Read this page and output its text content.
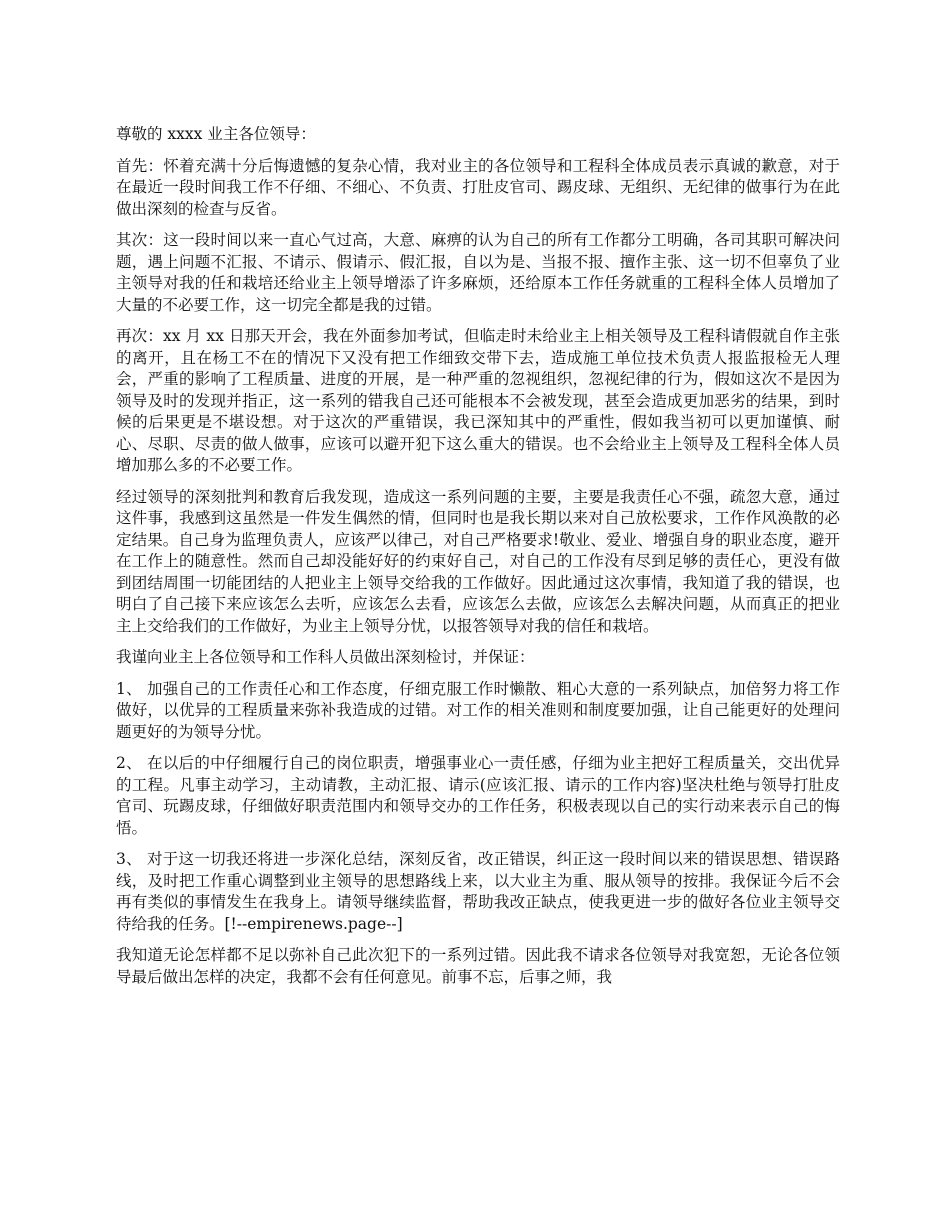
尊敬的 xxxx 业主各位领导：

首先：怀着充满十分后悔遗憾的复杂心情，我对业主的各位领导和工程科全体成员表示真诚的歉意，对于在最近一段时间我工作不仔细、不细心、不负责、打肚皮官司、踢皮球、无组织、无纪律的做事行为在此做出深刻的检查与反省。

其次：这一段时间以来一直心气过高，大意、麻痹的认为自己的所有工作都分工明确，各司其职可解决问题，遇上问题不汇报、不请示、假请示、假汇报，自以为是、当报不报、擅作主张、这一切不但辜负了业主领导对我的任和栽培还给业主上领导增添了许多麻烦，还给原本工作任务就重的工程科全体人员增加了大量的不必要工作，这一切完全都是我的过错。

再次：xx 月 xx 日那天开会，我在外面参加考试，但临走时未给业主上相关领导及工程科请假就自作主张的离开，且在杨工不在的情况下又没有把工作细致交带下去，造成施工单位技术负责人报监报检无人理会，严重的影响了工程质量、进度的开展，是一种严重的忽视组织，忽视纪律的行为，假如这次不是因为领导及时的发现并指正，这一系列的错我自己还可能根本不会被发现，甚至会造成更加恶劣的结果，到时候的后果更是不堪设想。对于这次的严重错误，我已深知其中的严重性，假如我当初可以更加谨慎、耐心、尽职、尽责的做人做事，应该可以避开犯下这么重大的错误。也不会给业主上领导及工程科全体人员增加那么多的不必要工作。

经过领导的深刻批判和教育后我发现，造成这一系列问题的主要，主要是我责任心不强，疏忽大意，通过这件事，我感到这虽然是一件发生偶然的情，但同时也是我长期以来对自己放松要求，工作作风涣散的必定结果。自己身为监理负责人，应该严以律己，对自己严格要求!敬业、爱业、增强自身的职业态度，避开在工作上的随意性。然而自己却没能好好的约束好自己，对自己的工作没有尽到足够的责任心，更没有做到团结周围一切能团结的人把业主上领导交给我的工作做好。因此通过这次事情，我知道了我的错误，也明白了自己接下来应该怎么去听，应该怎么去看，应该怎么去做，应该怎么去解决问题，从而真正的把业主上交给我们的工作做好，为业主上领导分忧，以报答领导对我的信任和栽培。

我谨向业主上各位领导和工作科人员做出深刻检讨，并保证：

1、 加强自己的工作责任心和工作态度，仔细克服工作时懒散、粗心大意的一系列缺点，加倍努力将工作做好，以优异的工程质量来弥补我造成的过错。对工作的相关准则和制度要加强，让自己能更好的处理问题更好的为领导分忧。

2、 在以后的中仔细履行自己的岗位职责，增强事业心一责任感，仔细为业主把好工程质量关，交出优异的工程。凡事主动学习，主动请教，主动汇报、请示(应该汇报、请示的工作内容)坚决杜绝与领导打肚皮官司、玩踢皮球，仔细做好职责范围内和领导交办的工作任务，积极表现以自己的实行动来表示自己的悔悟。

3、 对于这一切我还将进一步深化总结，深刻反省，改正错误，纠正这一段时间以来的错误思想、错误路线，及时把工作重心调整到业主领导的思想路线上来，以大业主为重、服从领导的按排。我保证今后不会再有类似的事情发生在我身上。请领导继续监督，帮助我改正缺点，使我更进一步的做好各位业主领导交待给我的任务。[!--empirenews.page--]

我知道无论怎样都不足以弥补自己此次犯下的一系列过错。因此我不请求各位领导对我宽恕，无论各位领导最后做出怎样的决定，我都不会有任何意见。前事不忘，后事之师，我
